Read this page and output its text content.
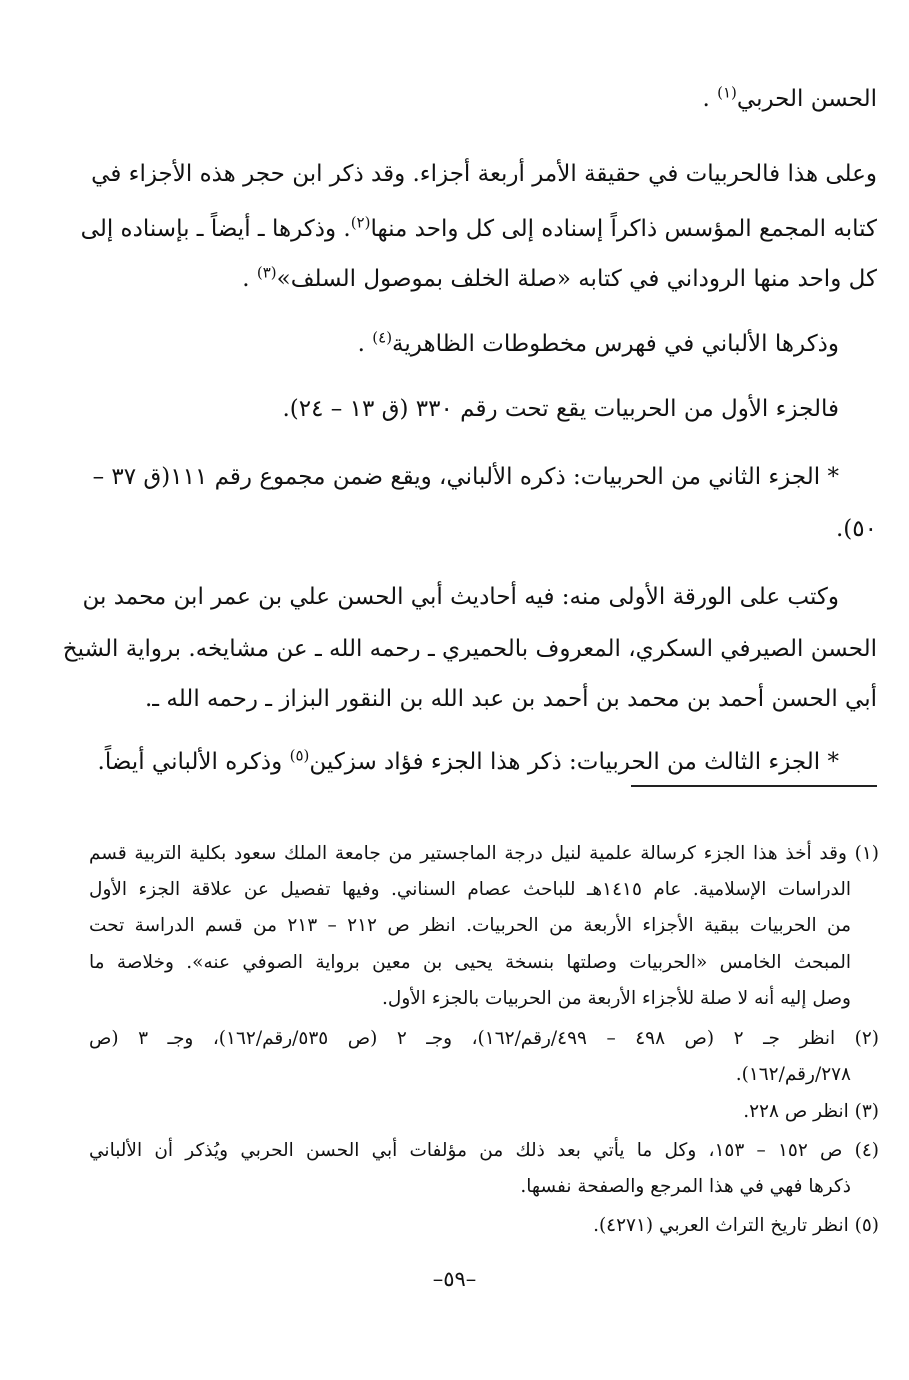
الحسن الحربي$^{(١)}$ .
وعلى هذا فالحربيات في حقيقة الأمر أربعة أجزاء. وقد ذكر ابن حجر هذه الأجزاء في
كتابه المجمع المؤسس ذاكراً إسناده إلى كل واحد منها$^{(٢)}$. وذكرها ـ أيضاً ـ بإسناده إلى
كل واحد منها الروداني في كتابه «صلة الخلف بموصول السلف»$^{(٣)}$ .
وذكرها الألباني في فهرس مخطوطات الظاهرية$^{(٤)}$ .
فالجزء الأول من الحربيات يقع تحت رقم ٣٣٠ (ق ١٣ – ٢٤).
* الجزء الثاني من الحربيات: ذكره الألباني، ويقع ضمن مجموع رقم ١١١(ق ٣٧ –
٥٠).
وكتب على الورقة الأولى منه: فيه أحاديث أبي الحسن علي بن عمر ابن محمد بن
الحسن الصيرفي السكري، المعروف بالحميري ـ رحمه الله ـ عن مشايخه. برواية الشيخ
أبي الحسن أحمد بن محمد بن أحمد بن عبد الله بن النقور البزاز ـ رحمه الله ـ.
* الجزء الثالث من الحربيات: ذكر هذا الجزء فؤاد سزكين$^{(٥)}$ وذكره الألباني أيضاً.
(١) وقد أخذ هذا الجزء كرسالة علمية لنيل درجة الماجستير من جامعة الملك سعود بكلية التربية قسم
الدراسات الإسلامية. عام ١٤١٥هـ للباحث عصام السناني. وفيها تفصيل عن علاقة الجزء الأول
من الحربيات ببقية الأجزاء الأربعة من الحربيات. انظر ص ٢١٢ – ٢١٣ من قسم الدراسة تحت
المبحث الخامس «الحربيات وصلتها بنسخة يحيى بن معين برواية الصوفي عنه». وخلاصة ما
وصل إليه أنه لا صلة للأجزاء الأربعة من الحربيات بالجزء الأول.
(٢) انظر جـ ٢ (ص ٤٩٨ – ٤٩٩/رقم/١٦٢)، وجـ ٢ (ص ٥٣٥/رقم/١٦٢)، وجـ ٣ (ص
٢٧٨/رقم/١٦٢).
(٣) انظر ص ٢٢٨.
(٤) ص ١٥٢ – ١٥٣، وكل ما يأتي بعد ذلك من مؤلفات أبي الحسن الحربي ويُذكر أن الألباني
ذكرها فهي في هذا المرجع والصفحة نفسها.
(٥) انظر تاريخ التراث العربي (٤٢٧١).
–٥٩–
